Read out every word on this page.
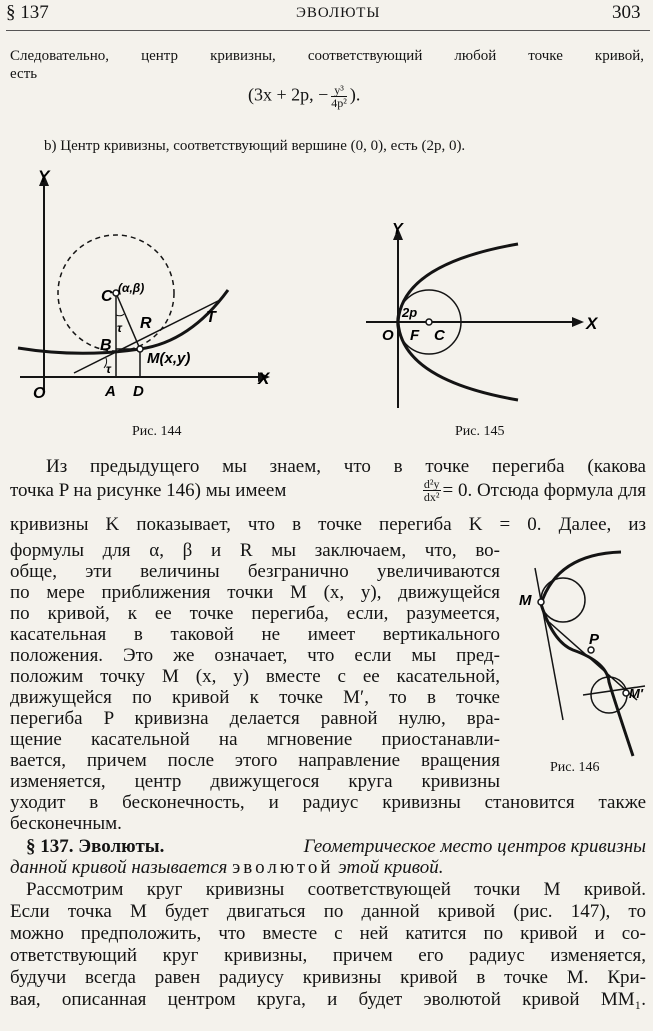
§ 137	ЭВОЛЮТЫ	303
Следовательно, центр кривизны, соответствующий любой точке кривой,
есть
(3x + 2p, − $\frac{\text{y³}}{\text{4p²}}$ ).
b) Центр кривизны, соответствующий вершине (0, 0), есть (2p, 0).
Y
X
O
C (α,β)
R
B
M(x,y)
T
A D
τ
τ
Рис. 144
Y
X
O F C
2p
Рис. 145
Из предыдущего мы знаем, что в точке перегиба (какова
точка P на рисунке 146) мы имеем	$\frac{\text{d²y}}{\text{dx²}} = 0$. Отсюда формула для
кривизны K показывает, что в точке перегиба K = 0. Далее, из
формулы для α, β и R мы заключаем, что, во-
обще, эти величины безгранично увеличиваются
по мере приближения точки M (x, y), движущейся
по кривой, к ее точке перегиба, если, разумеется,
касательная в таковой не имеет вертикального
положения. Это же означает, что если мы пред-
положим точку M (x, y) вместе с ее касательной,
движущейся по кривой к точке M′, то в точке
перегиба P кривизна делается равной нулю, вра-
щение касательной на мгновение приостанавли-
вается, причем после этого направление вращения
изменяется, центр движущегося круга кривизны
уходит в бесконечность, и радиус кривизны становится также
бесконечным.
M
P
M′
Рис. 146
§ 137. Эволюты.	Геометрическое место центров кривизны
данной кривой называется эволютой этой кривой.
Рассмотрим круг кривизны соответствующей точки M кривой.
Если точка M будет двигаться по данной кривой (рис. 147), то
можно предположить, что вместе с ней катится по кривой и со-
ответствующий круг кривизны, причем его радиус изменяется,
будучи всегда равен радиусу кривизны кривой в точке M. Кри-
вая, описанная центром круга, и будет эволютой кривой MM₁.
